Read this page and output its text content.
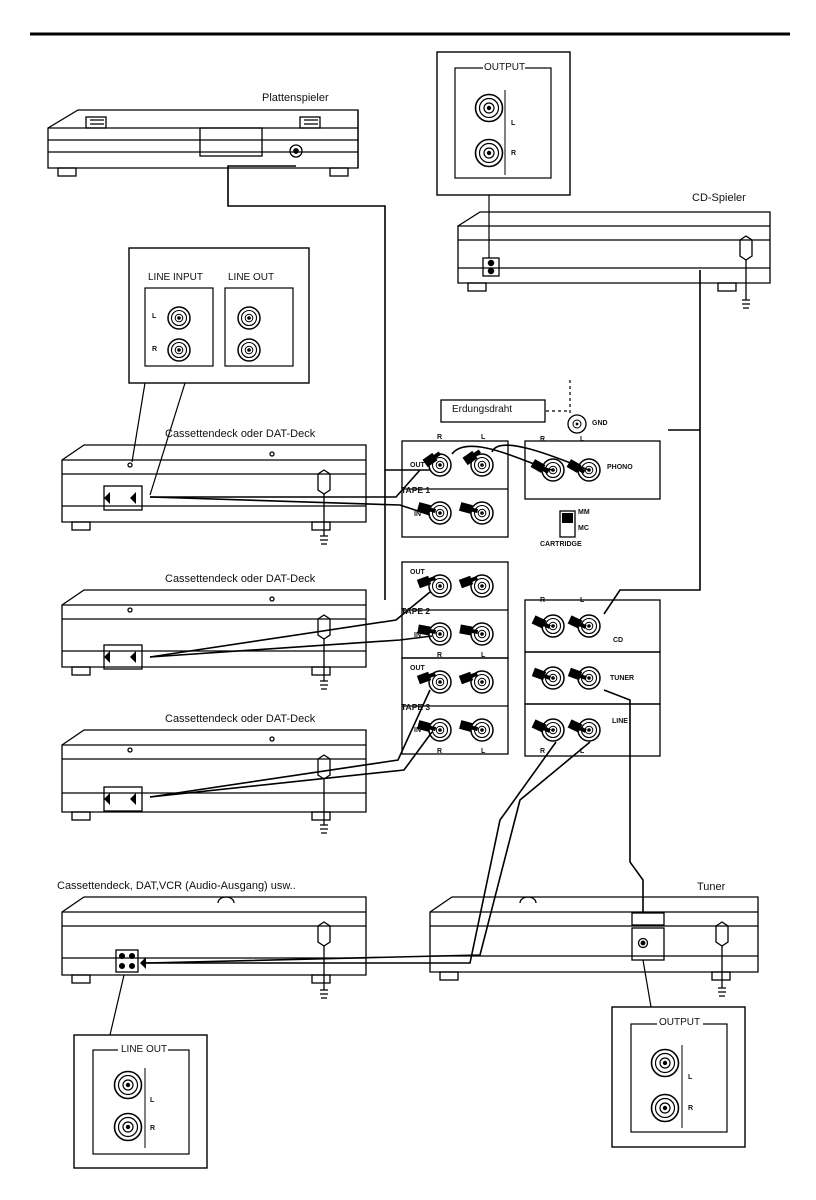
Plattenspieler
CD-Spieler
Cassettendeck oder DAT-Deck
Cassettendeck oder DAT-Deck
Cassettendeck oder DAT-Deck
Cassettendeck, DAT,VCR (Audio-Ausgang) usw..	Tuner
OUTPUT
L
R
LINE INPUT LINE OUT
L
R
LINE OUT
L
R
OUTPUT
L
R
Erdungsdraht
GND
TAPE 1
OUT
IN
R	L
TAPE 2
OUT
IN
R	L
TAPE 3
OUT
IN
R	L
PHONO
R	L
CD
R	L
TUNER
LINE
R	L
MM
MC
CARTRIDGE
